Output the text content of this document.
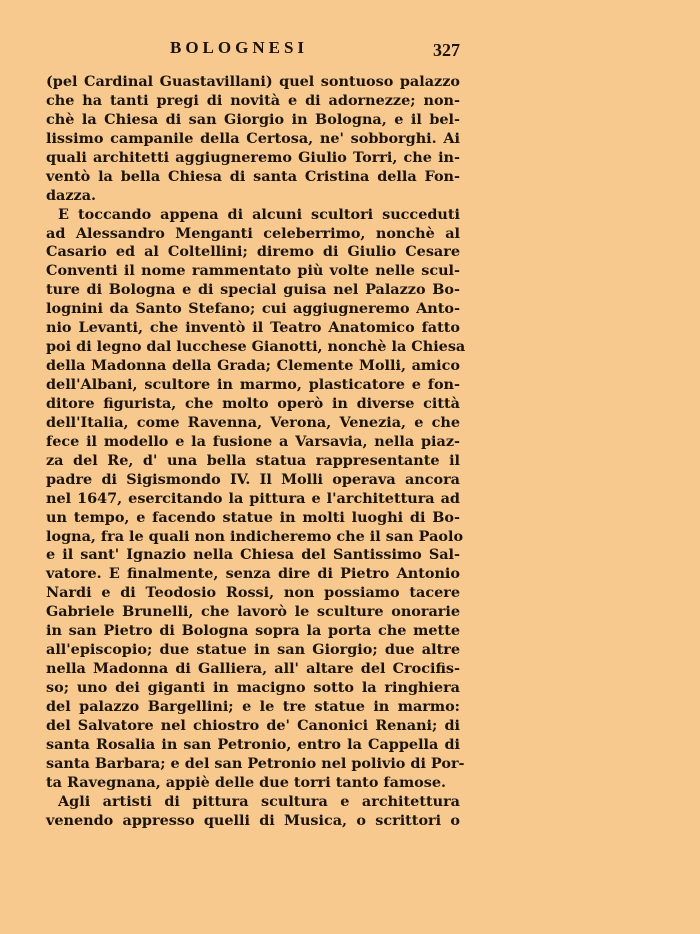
BOLOGNESI	327
(pel Cardinal Guastavillani) quel sontuoso palazzo
che ha tanti pregi di novità e di adornezze; non-
chè la Chiesa di san Giorgio in Bologna, e il bel-
lissimo campanile della Certosa, ne' sobborghi. Ai
quali architetti aggiugneremo Giulio Torri, che in-
ventò la bella Chiesa di santa Cristina della Fon-
dazza.
E toccando appena di alcuni scultori succeduti
ad Alessandro Menganti celeberrimo, nonchè al
Casario ed al Coltellini; diremo di Giulio Cesare
Conventi il nome rammentato più volte nelle scul-
ture di Bologna e di special guisa nel Palazzo Bo-
lognini da Santo Stefano; cui aggiugneremo Anto-
nio Levanti, che inventò il Teatro Anatomico fatto
poi di legno dal lucchese Gianotti, nonchè la Chiesa
della Madonna della Grada; Clemente Molli, amico
dell'Albani, scultore in marmo, plasticatore e fon-
ditore figurista, che molto operò in diverse città
dell'Italia, come Ravenna, Verona, Venezia, e che
fece il modello e la fusione a Varsavia, nella piaz-
za del Re, d' una bella statua rappresentante il
padre di Sigismondo IV. Il Molli operava ancora
nel 1647, esercitando la pittura e l'architettura ad
un tempo, e facendo statue in molti luoghi di Bo-
logna, fra le quali non indicheremo che il san Paolo
e il sant' Ignazio nella Chiesa del Santissimo Sal-
vatore. E finalmente, senza dire di Pietro Antonio
Nardi e di Teodosio Rossi, non possiamo tacere
Gabriele Brunelli, che lavorò le sculture onorarie
in san Pietro di Bologna sopra la porta che mette
all'episcopio; due statue in san Giorgio; due altre
nella Madonna di Galliera, all' altare del Crocifis-
so; uno dei giganti in macigno sotto la ringhiera
del palazzo Bargellini; e le tre statue in marmo:
del Salvatore nel chiostro de' Canonici Renani; di
santa Rosalia in san Petronio, entro la Cappella di
santa Barbara; e del san Petronio nel polivio di Por-
ta Ravegnana, appiè delle due torri tanto famose.
Agli artisti di pittura scultura e architettura
venendo appresso quelli di Musica, o scrittori o
